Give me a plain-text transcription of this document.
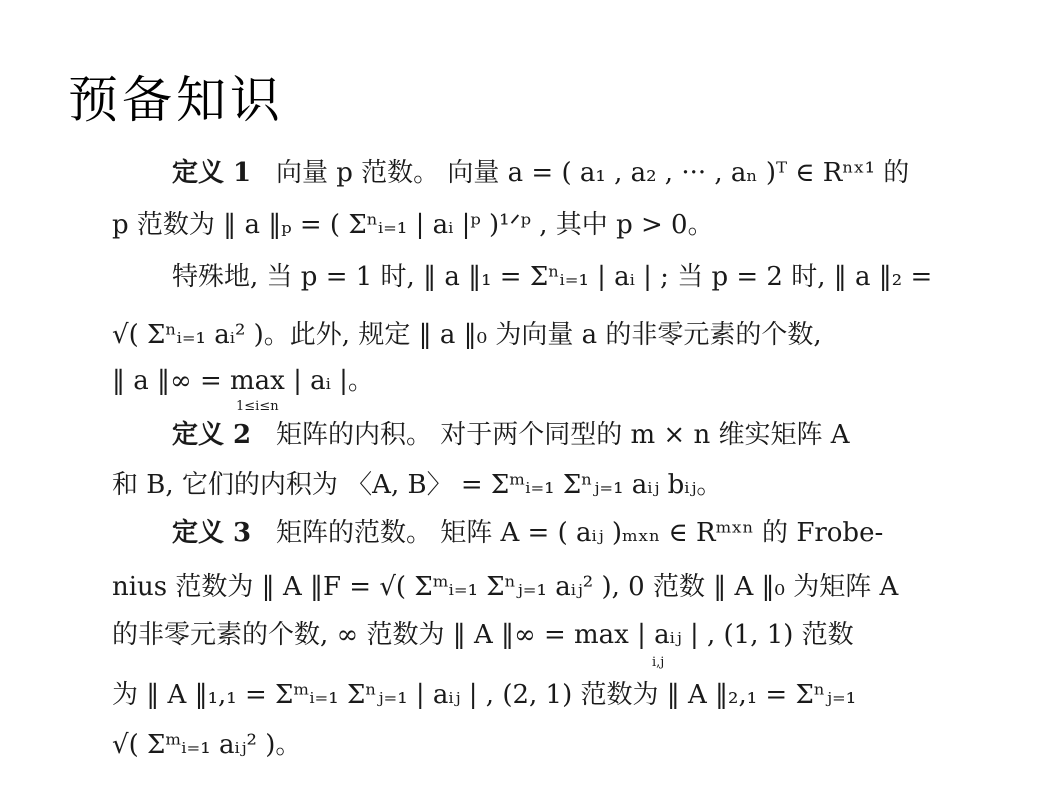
预备知识
定义 1 向量 p 范数。 向量 a = ( a₁ , a₂ , ··· , aₙ )ᵀ ∈ Rⁿˣ¹ 的
p 范数为 ‖ a ‖ₚ = ( Σⁿᵢ₌₁ | aᵢ |ᵖ )¹ᐟᵖ , 其中 p > 0。
特殊地, 当 p = 1 时, ‖ a ‖₁ = Σⁿᵢ₌₁ | aᵢ | ; 当 p = 2 时, ‖ a ‖₂ =
√( Σⁿᵢ₌₁ aᵢ² )。此外, 规定 ‖ a ‖₀ 为向量 a 的非零元素的个数,
‖ a ‖∞ = max | aᵢ |。
1≤i≤n
定义 2 矩阵的内积。 对于两个同型的 m × n 维实矩阵 A
和 B, 它们的内积为 〈A, B〉 = Σᵐᵢ₌₁ Σⁿⱼ₌₁ aᵢⱼ bᵢⱼ。
定义 3 矩阵的范数。 矩阵 A = ( aᵢⱼ )ₘₓₙ ∈ Rᵐˣⁿ 的 Frobe-
nius 范数为 ‖ A ‖F = √( Σᵐᵢ₌₁ Σⁿⱼ₌₁ aᵢⱼ² ), 0 范数 ‖ A ‖₀ 为矩阵 A
的非零元素的个数, ∞ 范数为 ‖ A ‖∞ = max | aᵢⱼ | , (1, 1) 范数
i,j
为 ‖ A ‖₁,₁ = Σᵐᵢ₌₁ Σⁿⱼ₌₁ | aᵢⱼ | , (2, 1) 范数为 ‖ A ‖₂,₁ = Σⁿⱼ₌₁
√( Σᵐᵢ₌₁ aᵢⱼ² )。
